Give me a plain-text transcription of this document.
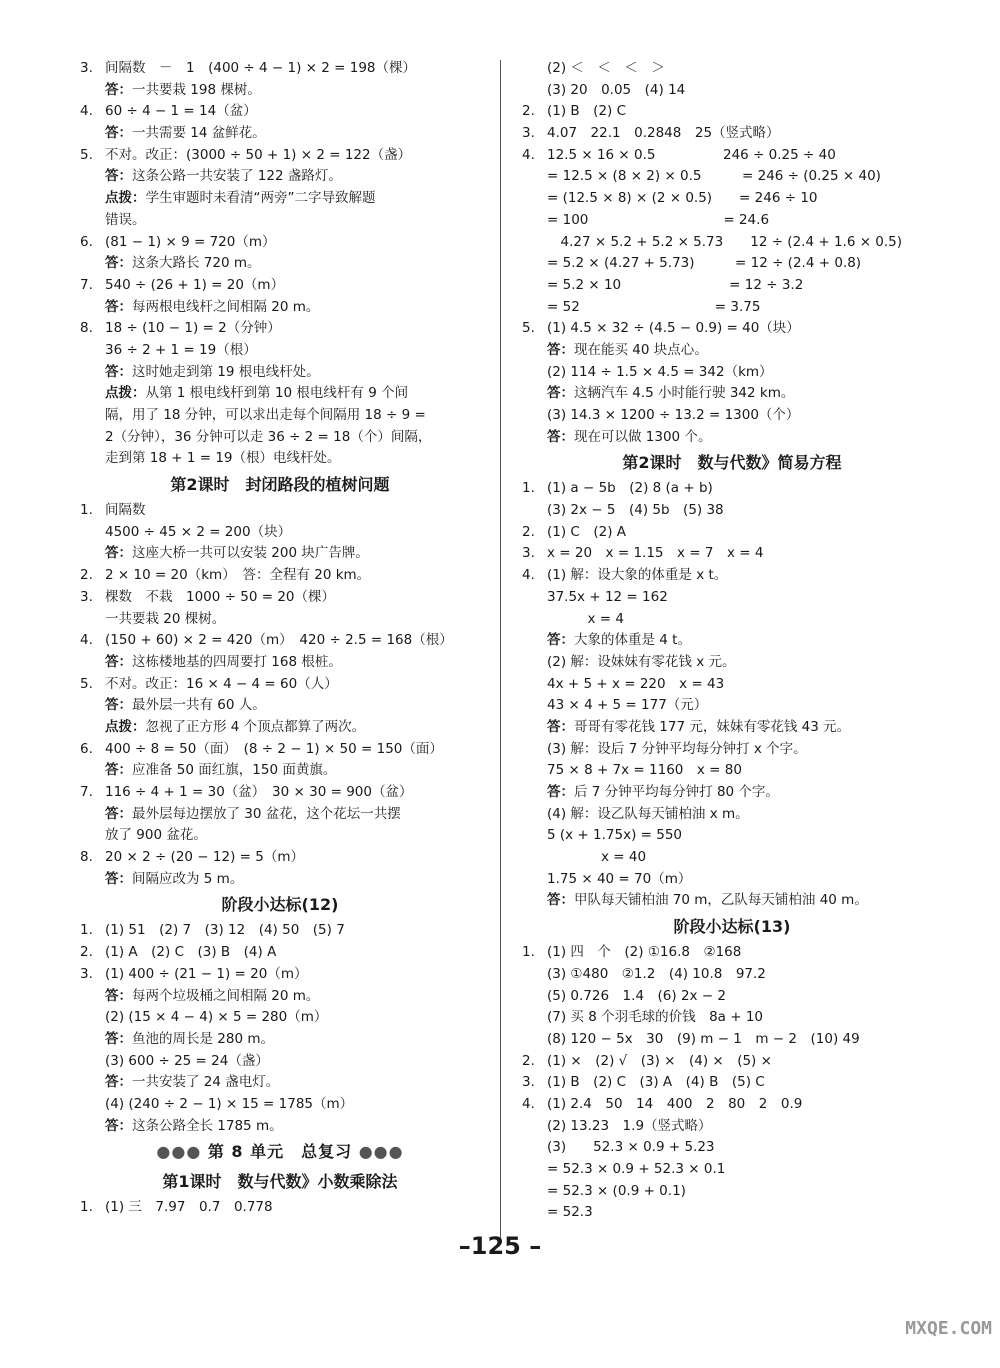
3. 间隔数　－　1　(400 ÷ 4 − 1) × 2 = 198（棵）
答：一共要栽 198 棵树。
4. 60 ÷ 4 − 1 = 14（盆）
答：一共需要 14 盆鲜花。
5. 不对。改正：(3000 ÷ 50 + 1) × 2 = 122（盏）
答：这条公路一共安装了 122 盏路灯。
点拨：学生审题时未看清“两旁”二字导致解题
错误。
6. (81 − 1) × 9 = 720（m）
答：这条大路长 720 m。
7. 540 ÷ (26 + 1) = 20（m）
答：每两根电线杆之间相隔 20 m。
8. 18 ÷ (10 − 1) = 2（分钟）
36 ÷ 2 + 1 = 19（根）
答：这时她走到第 19 根电线杆处。
点拨：从第 1 根电线杆到第 10 根电线杆有 9 个间
隔，用了 18 分钟，可以求出走每个间隔用 18 ÷ 9 =
2（分钟），36 分钟可以走 36 ÷ 2 = 18（个）间隔，
走到第 18 + 1 = 19（根）电线杆处。
第2课时　封闭路段的植树问题
1. 间隔数
4500 ÷ 45 × 2 = 200（块）
答：这座大桥一共可以安装 200 块广告牌。
2. 2 × 10 = 20（km）　答：全程有 20 km。
3. 棵数　不栽　1000 ÷ 50 = 20（棵）
一共要栽 20 棵树。
4. (150 + 60) × 2 = 420（m）　420 ÷ 2.5 = 168（根）
答：这栋楼地基的四周要打 168 根桩。
5. 不对。改正：16 × 4 − 4 = 60（人）
答：最外层一共有 60 人。
点拨：忽视了正方形 4 个顶点都算了两次。
6. 400 ÷ 8 = 50（面）　(8 ÷ 2 − 1) × 50 = 150（面）
答：应准备 50 面红旗，150 面黄旗。
7. 116 ÷ 4 + 1 = 30（盆）　30 × 30 = 900（盆）
答：最外层每边摆放了 30 盆花，这个花坛一共摆
放了 900 盆花。
8. 20 × 2 ÷ (20 − 12) = 5（m）
答：间隔应改为 5 m。
阶段小达标(12)
1. (1) 51　(2) 7　(3) 12　(4) 50　(5) 7
2. (1) A　(2) C　(3) B　(4) A
3. (1) 400 ÷ (21 − 1) = 20（m）
答：每两个垃圾桶之间相隔 20 m。
(2) (15 × 4 − 4) × 5 = 280（m）
答：鱼池的周长是 280 m。
(3) 600 ÷ 25 = 24（盏）
答：一共安装了 24 盏电灯。
(4) (240 ÷ 2 − 1) × 15 = 1785（m）
答：这条公路全长 1785 m。
●●● 第 8 单元　总复习 ●●●
第1课时　数与代数》小数乘除法
1. (1) 三　7.97　0.7̇　0.778
(2) ＜　＜　＜　＞
(3) 20　0.05　(4) 14
2. (1) B　(2) C
3. 4.07　22.1　0.2848　25（竖式略）
4. 12.5 × 16 × 0.5　　　　　246 ÷ 0.25 ÷ 40
= 12.5 × (8 × 2) × 0.5　　　= 246 ÷ (0.25 × 40)
= (12.5 × 8) × (2 × 0.5)　　= 246 ÷ 10
= 100　　　　　　　　　　= 24.6
　4.27 × 5.2 + 5.2 × 5.73　　12 ÷ (2.4 + 1.6 × 0.5)
= 5.2 × (4.27 + 5.73)　　　= 12 ÷ (2.4 + 0.8)
= 5.2 × 10　　　　　　　　= 12 ÷ 3.2
= 52　　　　　　　　　　= 3.75
5. (1) 4.5 × 32 ÷ (4.5 − 0.9) = 40（块）
答：现在能买 40 块点心。
(2) 114 ÷ 1.5 × 4.5 = 342（km）
答：这辆汽车 4.5 小时能行驶 342 km。
(3) 14.3 × 1200 ÷ 13.2 = 1300（个）
答：现在可以做 1300 个。
第2课时　数与代数》简易方程
1. (1) a − 5b　(2) 8 (a + b)
(3) 2x − 5　(4) 5b　(5) 38
2. (1) C　(2) A
3. x = 20　x = 1.15　x = 7　x = 4
4. (1) 解：设大象的体重是 x t。
37.5x + 12 = 162
　　　x = 4
答：大象的体重是 4 t。
(2) 解：设妹妹有零花钱 x 元。
4x + 5 + x = 220　x = 43
43 × 4 + 5 = 177（元）
答：哥哥有零花钱 177 元，妹妹有零花钱 43 元。
(3) 解：设后 7 分钟平均每分钟打 x 个字。
75 × 8 + 7x = 1160　x = 80
答：后 7 分钟平均每分钟打 80 个字。
(4) 解：设乙队每天铺柏油 x m。
5 (x + 1.75x) = 550
　　　　x = 40
1.75 × 40 = 70（m）
答：甲队每天铺柏油 70 m，乙队每天铺柏油 40 m。
阶段小达标(13)
1. (1) 四　个　(2) ①16.8　②168
(3) ①480　②1.2　(4) 10.8　97.2
(5) 0.726　1.4　(6) 2x − 2
(7) 买 8 个羽毛球的价钱　8a + 10
(8) 120 − 5x　30　(9) m − 1　m − 2　(10) 49
2. (1) ×　(2) √　(3) ×　(4) ×　(5) ×
3. (1) B　(2) C　(3) A　(4) B　(5) C
4. (1) 2.4　50　14　400　2　80　2　0.9
(2) 13.23　1.9（竖式略）
(3)　　52.3 × 0.9 + 5.23
= 52.3 × 0.9 + 52.3 × 0.1
= 52.3 × (0.9 + 0.1)
= 52.3
–125 –
MXQE.COM
